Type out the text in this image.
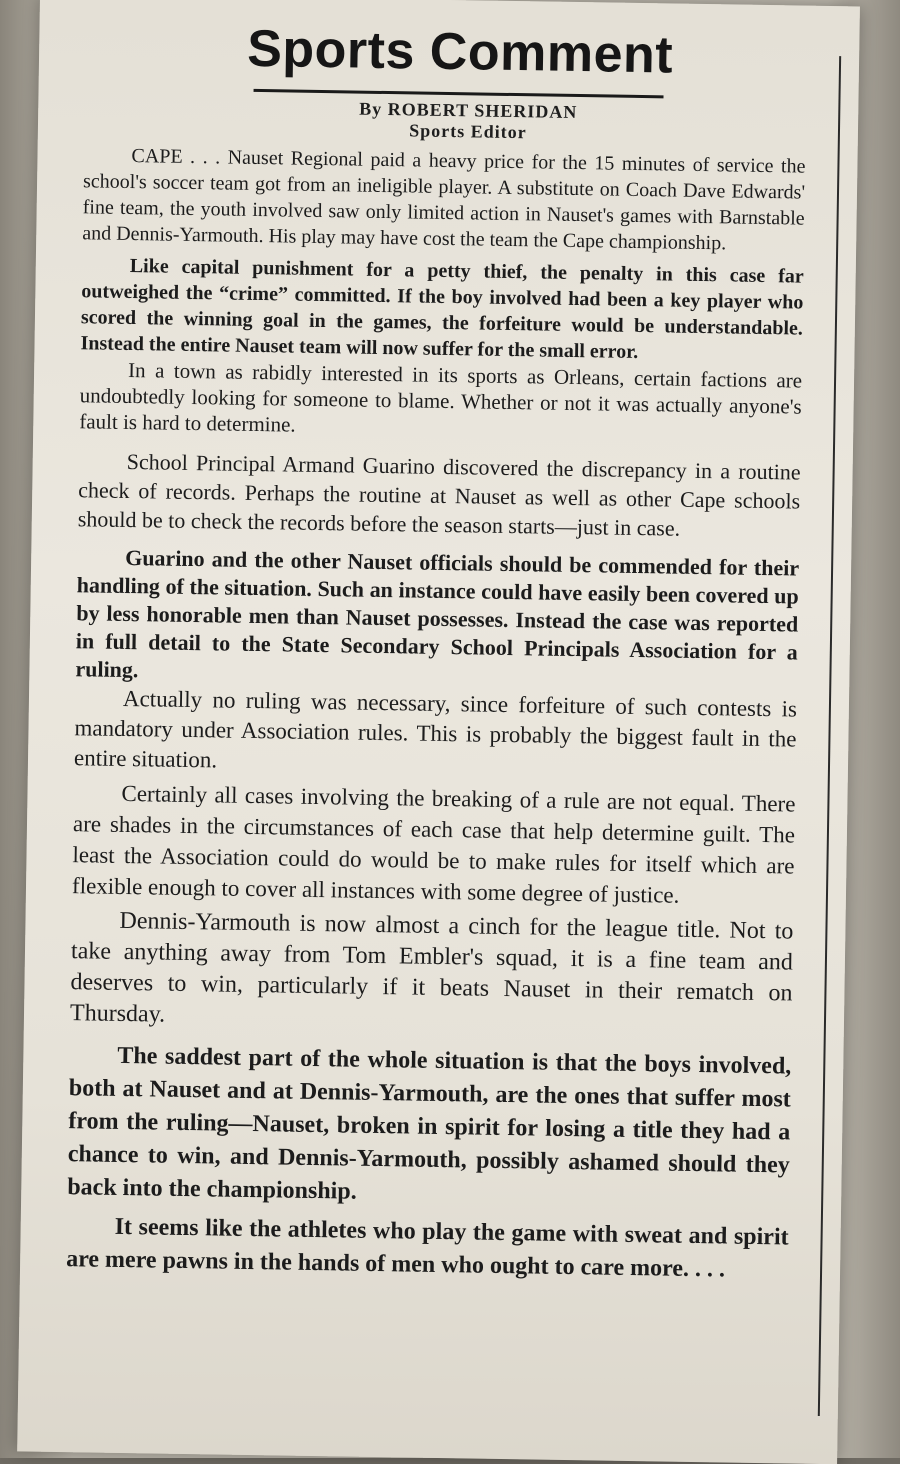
Sports Comment
By ROBERT SHERIDAN
Sports Editor

CAPE . . . Nauset Regional paid a heavy price for the 15 minutes of service the school's soccer team got from an ineligible player. A substitute on Coach Dave Edwards' fine team, the youth involved saw only limited action in Nauset's games with Barnstable and Dennis-Yarmouth. His play may have cost the team the Cape championship.

Like capital punishment for a petty thief, the penalty in this case far outweighed the “crime” committed. If the boy involved had been a key player who scored the winning goal in the games, the forfeiture would be understandable. Instead the entire Nauset team will now suffer for the small error.

In a town as rabidly interested in its sports as Orleans, certain factions are undoubtedly looking for someone to blame. Whether or not it was actually anyone's fault is hard to determine.

School Principal Armand Guarino discovered the discrepancy in a routine check of records. Perhaps the routine at Nauset as well as other Cape schools should be to check the records before the season starts—just in case.

Guarino and the other Nauset officials should be commended for their handling of the situation. Such an instance could have easily been covered up by less honorable men than Nauset possesses. Instead the case was reported in full detail to the State Secondary School Principals Association for a ruling.

Actually no ruling was necessary, since forfeiture of such contests is mandatory under Association rules. This is probably the biggest fault in the entire situation.

Certainly all cases involving the breaking of a rule are not equal. There are shades in the circumstances of each case that help determine guilt. The least the Association could do would be to make rules for itself which are flexible enough to cover all instances with some degree of justice.

Dennis-Yarmouth is now almost a cinch for the league title. Not to take anything away from Tom Embler's squad, it is a fine team and deserves to win, particularly if it beats Nauset in their rematch on Thursday.

The saddest part of the whole situation is that the boys involved, both at Nauset and at Dennis-Yarmouth, are the ones that suffer most from the ruling—Nauset, broken in spirit for losing a title they had a chance to win, and Dennis-Yarmouth, possibly ashamed should they back into the championship.

It seems like the athletes who play the game with sweat and spirit are mere pawns in the hands of men who ought to care more. . . .
